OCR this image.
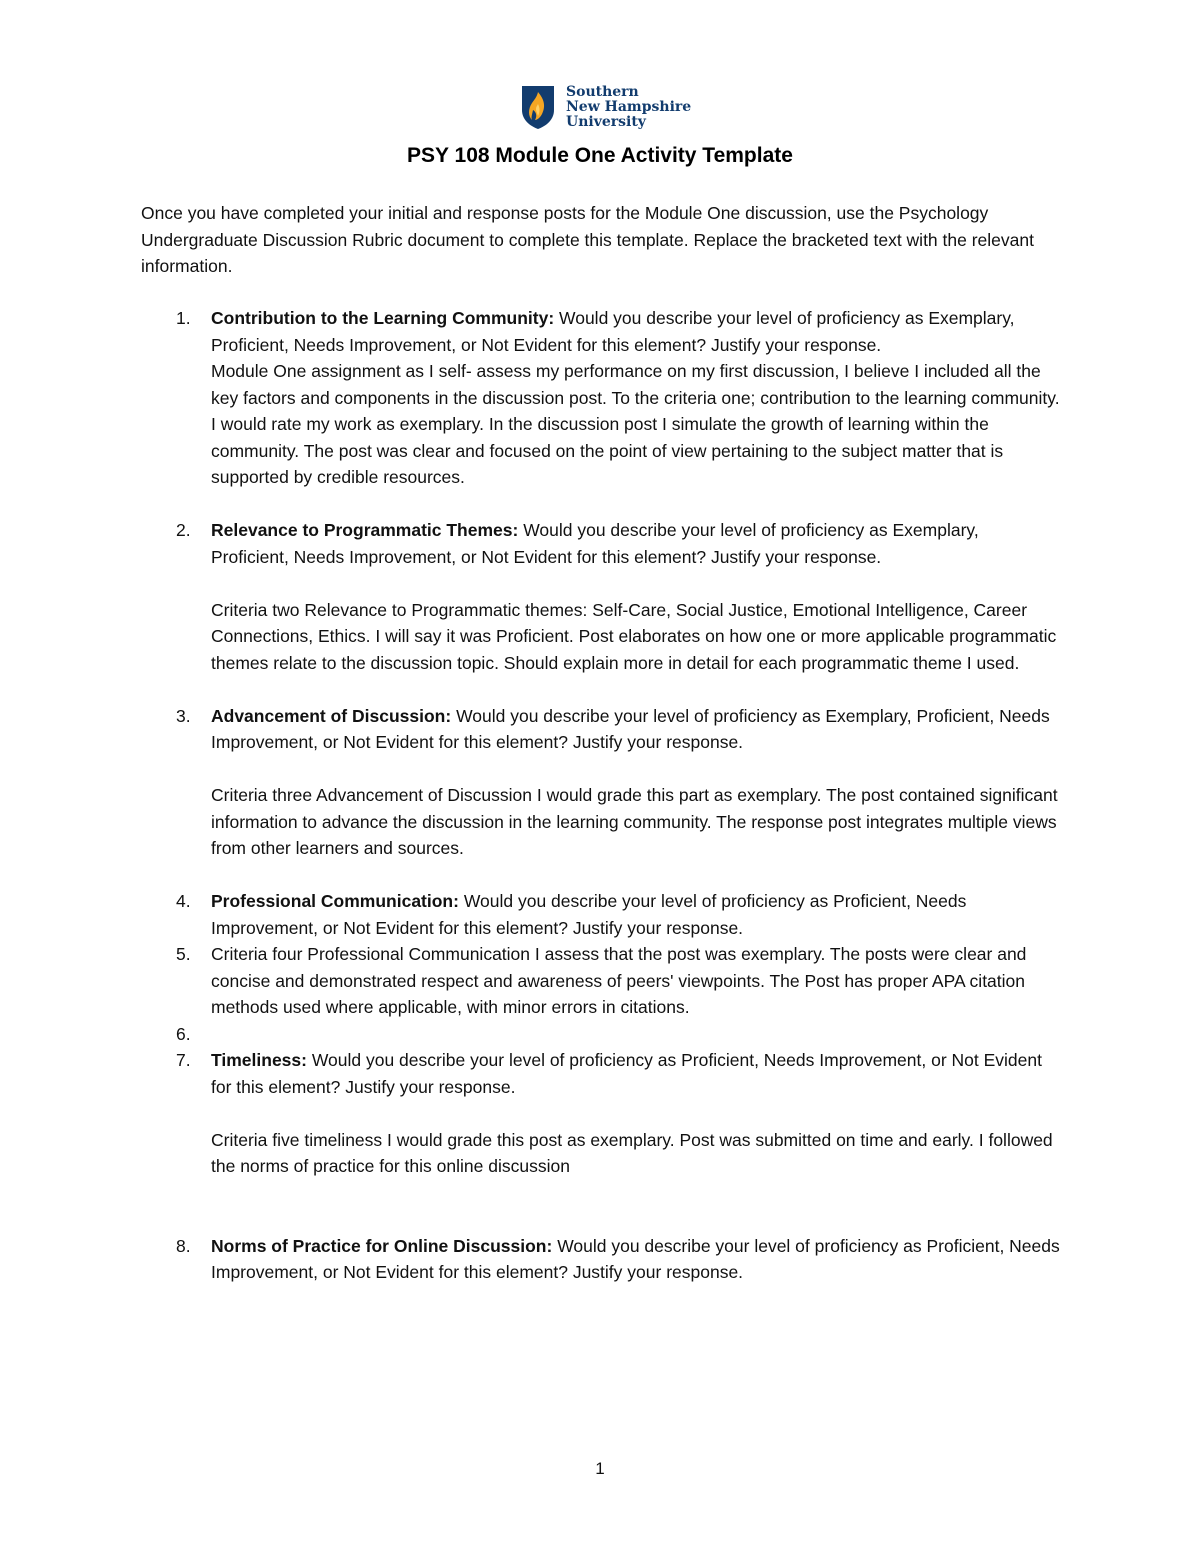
Southern
New Hampshire
University
PSY 108 Module One Activity Template

Once you have completed your initial and response posts for the Module One discussion, use the Psychology Undergraduate Discussion Rubric document to complete this template. Replace the bracketed text with the relevant information.

1. Contribution to the Learning Community: Would you describe your level of proficiency as Exemplary, Proficient, Needs Improvement, or Not Evident for this element? Justify your response.

Module One assignment as I self- assess my performance on my first discussion, I believe I included all the key factors and components in the discussion post. To the criteria one; contribution to the learning community. I would rate my work as exemplary. In the discussion post I simulate the growth of learning within the community. The post was clear and focused on the point of view pertaining to the subject matter that is supported by credible resources.

2. Relevance to Programmatic Themes: Would you describe your level of proficiency as Exemplary, Proficient, Needs Improvement, or Not Evident for this element? Justify your response.

Criteria two Relevance to Programmatic themes: Self-Care, Social Justice, Emotional Intelligence, Career Connections, Ethics. I will say it was Proficient. Post elaborates on how one or more applicable programmatic themes relate to the discussion topic. Should explain more in detail for each programmatic theme I used.

3. Advancement of Discussion: Would you describe your level of proficiency as Exemplary, Proficient, Needs Improvement, or Not Evident for this element? Justify your response.

Criteria three Advancement of Discussion I would grade this part as exemplary. The post contained significant information to advance the discussion in the learning community. The response post integrates multiple views from other learners and sources.

4. Professional Communication: Would you describe your level of proficiency as Proficient, Needs Improvement, or Not Evident for this element? Justify your response.

5. Criteria four Professional Communication I assess that the post was exemplary. The posts were clear and concise and demonstrated respect and awareness of peers' viewpoints. The Post has proper APA citation methods used where applicable, with minor errors in citations.

6.

7. Timeliness: Would you describe your level of proficiency as Proficient, Needs Improvement, or Not Evident for this element? Justify your response.

Criteria five timeliness I would grade this post as exemplary. Post was submitted on time and early. I followed the norms of practice for this online discussion

8. Norms of Practice for Online Discussion: Would you describe your level of proficiency as Proficient, Needs Improvement, or Not Evident for this element? Justify your response.

1
